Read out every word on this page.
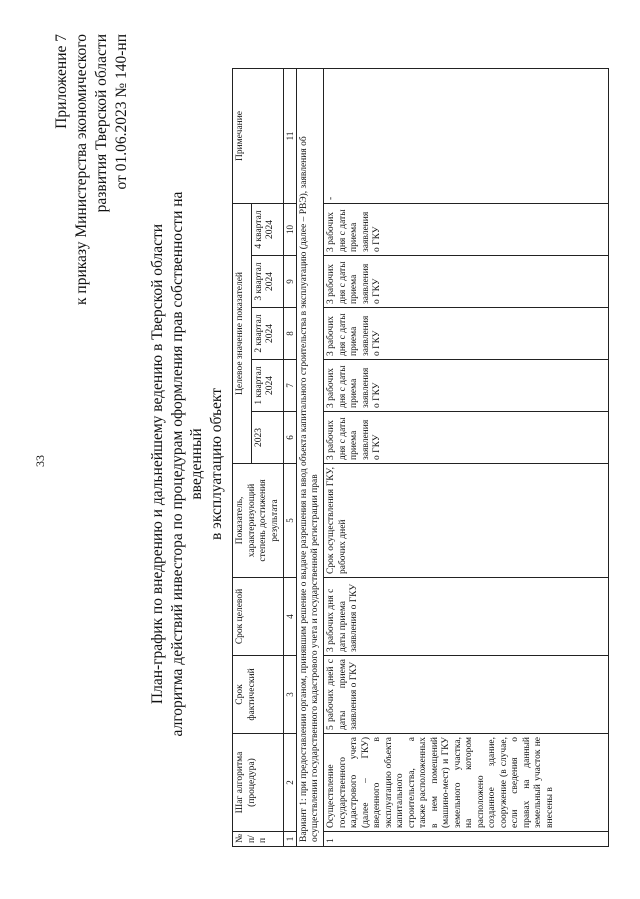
33
Приложение 7 к приказу Министерства экономического развития Тверской области от 01.06.2023 № 140-нп
План-график по внедрению и дальнейшему ведению в Тверской области алгоритма действий инвестора по процедурам оформления прав собственности на введенный в эксплуатацию объект
№ п/п	Шаг алгоритма (процедура)	Срок фактический	Срок целевой	Показатель, характеризующий степень достижения результата	Целевое значение показателей					Примечание
					2023	1 квартал 2024	2 квартал 2024	3 квартал 2024	4 квартал 2024	
1	2	3	4	5	6	7	8	9	10	11
Вариант 1: при предоставлении органом, принявшим решение о выдаче разрешения на ввод объекта капитального строительства в эксплуатацию (далее – РВЭ), заявления об осуществлении государственного кадастрового учета и государственной регистрации прав										
1	Осуществление государственного кадастрового учета (далее – ГКУ) введенного в эксплуатацию объекта капитального строительства, а также расположенных в нем помещений (машино-мест) и ГКУ земельного участка, на котором расположено созданное здание, сооружение (в случае, если сведения о правах на данный земельный участок не внесены в	5 рабочих дней с даты приема заявления о ГКУ	3 рабочих дня с даты приема заявления о ГКУ	Срок осуществления ГКУ, рабочих дней	3 рабочих дня с даты приема заявления о ГКУ	3 рабочих дня с даты приема заявления о ГКУ	3 рабочих дня с даты приема заявления о ГКУ	3 рабочих дня с даты приема заявления о ГКУ	3 рабочих дня с даты приема заявления о ГКУ	-
